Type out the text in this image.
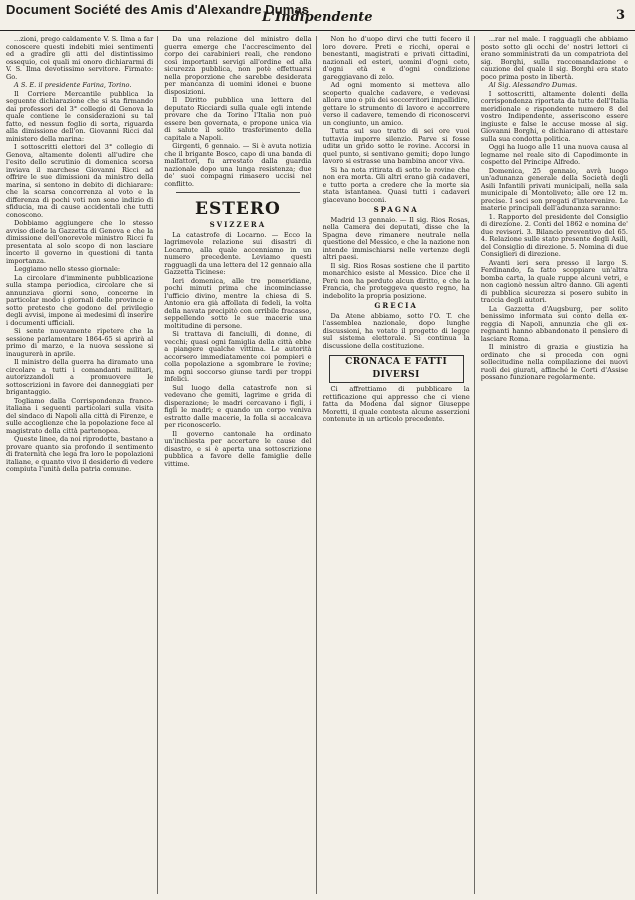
Document Société des Amis d'Alexandre Dumas
L'Indipendente	3

...zioni, prego caldamente V. S. Ilma a far conoscere questi indebiti miei sentimenti ed a gradire gli atti del distintissimo ossequio, coi quali mi onoro dichiararmi di V. S. Ilma devotissimo servitore. Firmato: Go.

A S. E. il presidente Farina, Torino.

Il Corriere Mercantile pubblica la seguente dichiarazione che si sta firmando dai professori del 3° collegio di Genova la quale contiene le considerazioni su tal fatto, ed nessun foglio di sorta, riguarda alla dimissione dell'on. Giovanni Ricci dal ministero della marina:

I sottoscritti elettori del 3° collegio di Genova, altamente dolenti all'udire che l'esito dello scrutinio di domenica scorsa inviava il marchese Giovanni Ricci ad offrire le sue dimissioni da ministro della marina, si sentono in debito di dichiarare: che la scarsa concorrenza al voto e la differenza di pochi voti non sono indizio di sfiducia, ma di cause accidentali che tutti conoscono.

Dobbiamo aggiungere che lo stesso avviso diede la Gazzetta di Genova e che la dimissione dell'onorevole ministro Ricci fu presentata al solo scopo di non lasciare incerto il governo in questioni di tanta importanza.

Leggiamo nello stesso giornale:

La circolare d'imminente pubblicazione sulla stampa periodica, circolare che si annunziava giorni sono, concerne in particolar modo i giornali delle provincie e sotto pretesto che godono del privilegio degli avvisi, impone ai medesimi di inserire i documenti ufficiali.

Si sente nuovamente ripetere che la sessione parlamentare 1864-65 si aprirà al primo di marzo, e la nuova sessione si inaugurerà in aprile.

Il ministro della guerra ha diramato una circolare a tutti i comandanti militari, autorizzandoli a promuovere le sottoscrizioni in favore dei danneggiati per brigantaggio.

Togliamo dalla Corrispondenza franco-italiana i seguenti particolari sulla visita del sindaco di Napoli alla città di Firenze, e sulle accoglienze che la popolazione fece al magistrato della città partenopea.

Queste linee, da noi riprodotte, bastano a provare quanto sia profondo il sentimento di fraternità che lega fra loro le popolazioni italiane, e quanto vivo il desiderio di vedere compiuta l'unità della patria comune.

Da una relazione del ministro della guerra emerge che l'accrescimento del corpo dei carabinieri reali, che rendono così importanti servigi all'ordine ed alla sicurezza pubblica, non potè effettuarsi nella proporzione che sarebbe desiderata per mancanza di uomini idonei e buone disposizioni.

Il Diritto pubblica una lettera del deputato Ricciardi sulla quale egli intende provare che da Torino l'Italia non può essere ben governata, e propone unica via di salute il solito trasferimento della capitale a Napoli.

Girgenti, 6 gennaio. — Si è avuta notizia che il brigante Bosco, capo di una banda di malfattori, fu arrestato dalla guardia nazionale dopo una lunga resistenza; due de' suoi compagni rimasero uccisi nel conflitto.

ESTERO
SVIZZERA

La catastrofe di Locarno. — Ecco la lagrimevole relazione sui disastri di Locarno, alla quale accenniamo in un numero precedente. Leviamo questi ragguagli da una lettera del 12 gennaio alla Gazzetta Ticinese:

Ieri domenica, alle tre pomeridiane, pochi minuti prima che incominciasse l'ufficio divino, mentre la chiesa di S. Antonio era già affollata di fedeli, la volta della navata precipitò con orribile fracasso, seppellendo sotto le sue macerie una moltitudine di persone.

Si trattava di fanciulli, di donne, di vecchi; quasi ogni famiglia della città ebbe a piangere qualche vittima. Le autorità accorsero immediatamente coi pompieri e colla popolazione a sgombrare le rovine; ma ogni soccorso giunse tardi per troppi infelici.

Sul luogo della catastrofe non si vedevano che gemiti, lagrime e grida di disperazione; le madri cercavano i figli, i figli le madri; e quando un corpo veniva estratto dalle macerie, la folla si accalcava per riconoscerlo.

Il governo cantonale ha ordinato un'inchiesta per accertare le cause del disastro, e si è aperta una sottoscrizione pubblica a favore delle famiglie delle vittime.

Non ho d'uopo dirvi che tutti fecero il loro dovere. Preti e ricchi, operai e benestanti, magistrati e privati cittadini, nazionali ed esteri, uomini d'ogni ceto, d'ogni età e d'ogni condizione gareggiavano di zelo.

Ad ogni momento si metteva allo scoperto qualche cadavere, e vedevasi allora uno o più dei soccorritori impallidire, gettare lo strumento di lavoro e accorrere verso il cadavere, temendo di riconoscervi un congiunto, un amico.

Tutta sul suo tratto di sei ore vuoi tuttavia imporre silenzio. Parve si fosse uditи un grido sotto le rovine. Accorsi in quel punto, si sentivano gemiti; dopo lungo lavoro si estrasse una bambina ancor viva.

Si ha nota ritirata di sotto le rovine che non era morta. Gli altri erano già cadaveri, e tutto porta a credere che la morte sia stata istantanea. Quasi tutti i cadaveri giacevano bocconi.

SPAGNA

Madrid 13 gennaio. — Il sig. Rios Rosas, nella Camera dei deputati, disse che la Spagna deve rimanere neutrale nella questione del Messico, e che la nazione non intende immischiarsi nelle vertenze degli altri paesi.

Il sig. Rios Rosas sostiene che il partito monarchico esiste al Messico. Dice che il Perù non ha perduto alcun diritto, e che la Francia, che proteggeva questo regno, ha indebolito la propria posizione.

GRECIA

Da Atene abbiamo, sotto l'O. T. che l'assemblea nazionale, dopo lunghe discussioni, ha votato il progetto di legge sul sistema elettorale. Si continua la discussione della costituzione.

CRONACA E FATTI DIVERSI

Ci affrettiamo di pubblicare la rettificazione qui appresso che ci viene fatta da Modena dal signor Giuseppe Moretti, il quale contesta alcune asserzioni contenute in un articolo precedente.

...rar nel male. I ragguagli che abbiamo posto sotto gli occhi de' nostri lettori ci erano somministrati da un compatriota del sig. Borghi, sulla raccomandazione e cauzione del quale il sig. Borghi era stato poco prima posto in libertà.

Al Sig. Alessandro Dumas.

I sottoscritti, altamente dolenti della corrispondenza riportata da tutte dell'Italia meridionale e rispondente numero 8 del vostro Indipendente, asseriscono essere ingiuste e false le accuse mosse al sig. Giovanni Borghi, e dichiarano di attestare sulla sua condotta politica.

Oggi ha luogo alle 11 una nuova causa al legname nel reale sito di Capodimonte in cospetto del Principe Alfredo.

Domenica, 25 gennaio, avrà luogo un'adunanza generale della Società degli Asili Infantili privati municipali, nella sala municipale di Montoliveto; alle ore 12 m. precise. I soci son pregati d'intervenire. Le materie principali dell'adunanza saranno:

1. Rapporto del presidente del Consiglio di direzione. 2. Conti del 1862 e nomina de' due revisori. 3. Bilancio preventivo del 65. 4. Relazione sulle stato presente degli Asili, del Consiglio di direzione. 5. Nomina di due Consiglieri di direzione.

Avanti ieri sera presso il largo S. Ferdinando, fa fatto scoppiare un'altra bomba carta, la quale ruppe alcuni vetri, e non cagionò nessun altro danno. Gli agenti di pubblica sicurezza si posero subito in traccia degli autori.

La Gazzetta d'Augsburg, per solito benissimo informata sui conto della ex-reggia di Napoli, annunzia che gli ex-regnanti hanno abbandonato il pensiero di lasciare Roma.

Il ministro di grazia e giustizia ha ordinato che si proceda con ogni sollecitudine nella compilazione dei nuovi ruoli dei giurati, affinché le Corti d'Assise possano funzionare regolarmente.
